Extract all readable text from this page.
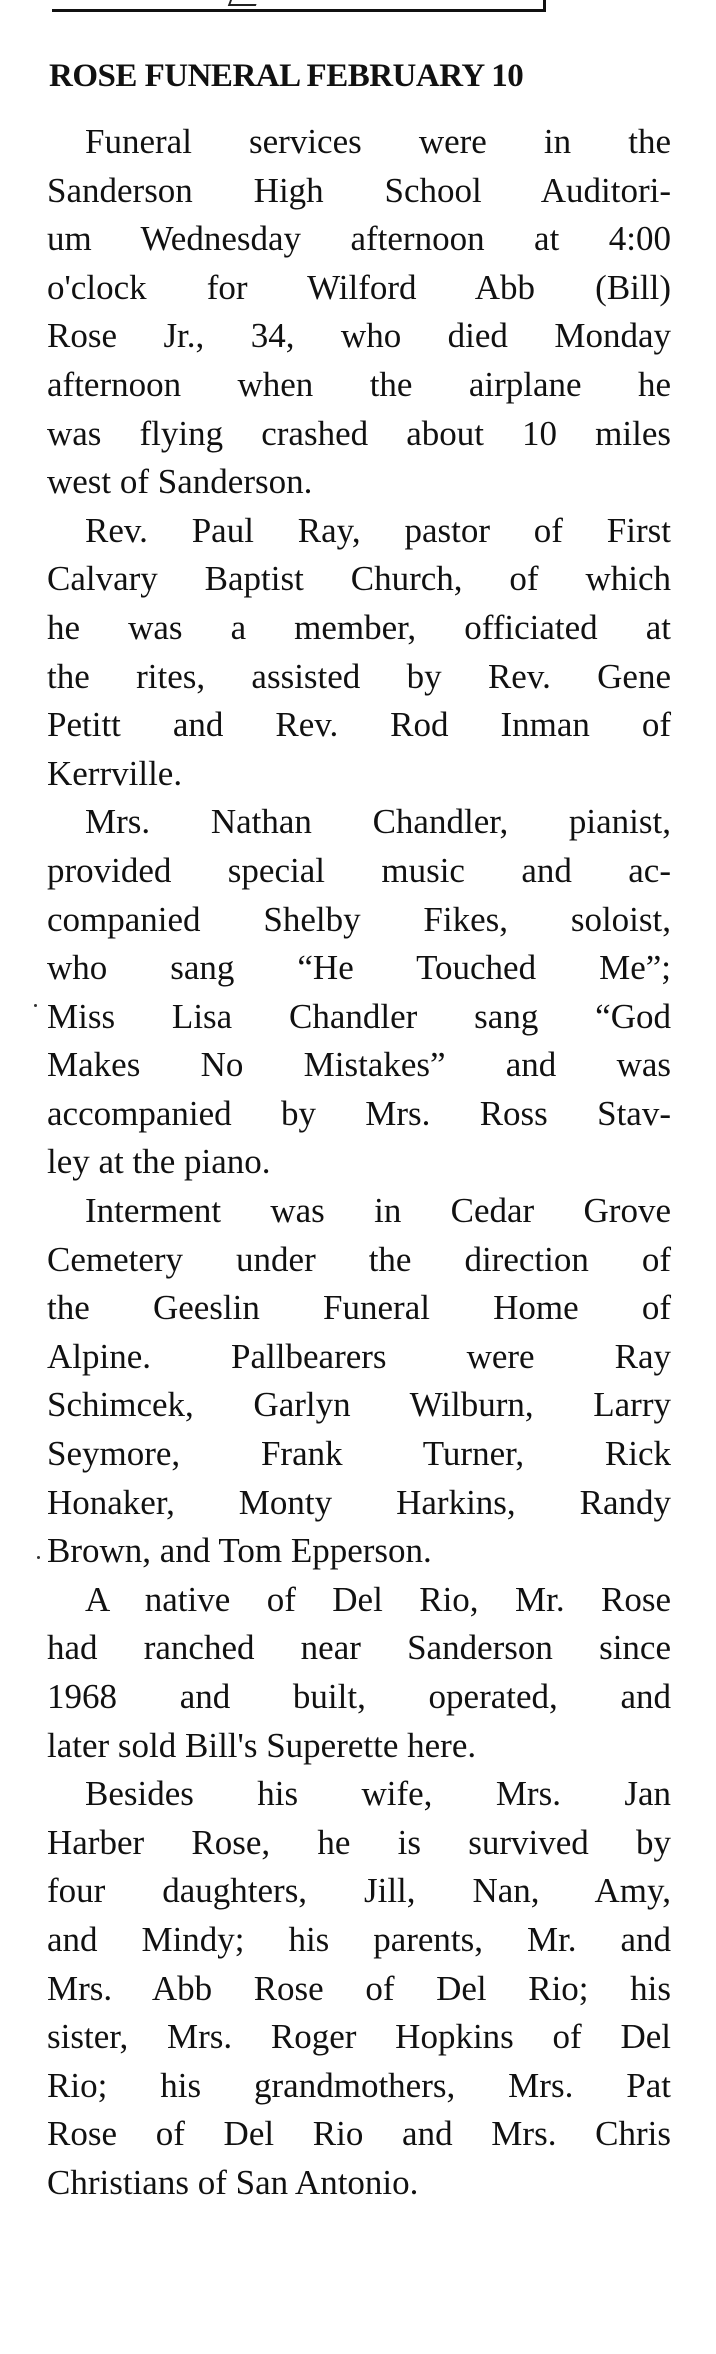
ROSE FUNERAL FEBRUARY 10
Funeral services were in the
Sanderson High School Auditori-
um Wednesday afternoon at 4:00
o'clock for Wilford Abb (Bill)
Rose Jr., 34, who died Monday
afternoon when the airplane he
was flying crashed about 10 miles
west of Sanderson.
Rev. Paul Ray, pastor of First
Calvary Baptist Church, of which
he was a member, officiated at
the rites, assisted by Rev. Gene
Petitt and Rev. Rod Inman of
Kerrville.
Mrs. Nathan Chandler, pianist,
provided special music and ac-
companied Shelby Fikes, soloist,
who sang “He Touched Me”;
Miss Lisa Chandler sang “God
Makes No Mistakes” and was
accompanied by Mrs. Ross Stav-
ley at the piano.
Interment was in Cedar Grove
Cemetery under the direction of
the Geeslin Funeral Home of
Alpine. Pallbearers were Ray
Schimcek, Garlyn Wilburn, Larry
Seymore, Frank Turner, Rick
Honaker, Monty Harkins, Randy
Brown, and Tom Epperson.
A native of Del Rio, Mr. Rose
had ranched near Sanderson since
1968 and built, operated, and
later sold Bill's Superette here.
Besides his wife, Mrs. Jan
Harber Rose, he is survived by
four daughters, Jill, Nan, Amy,
and Mindy; his parents, Mr. and
Mrs. Abb Rose of Del Rio; his
sister, Mrs. Roger Hopkins of Del
Rio; his grandmothers, Mrs. Pat
Rose of Del Rio and Mrs. Chris
Christians of San Antonio.
